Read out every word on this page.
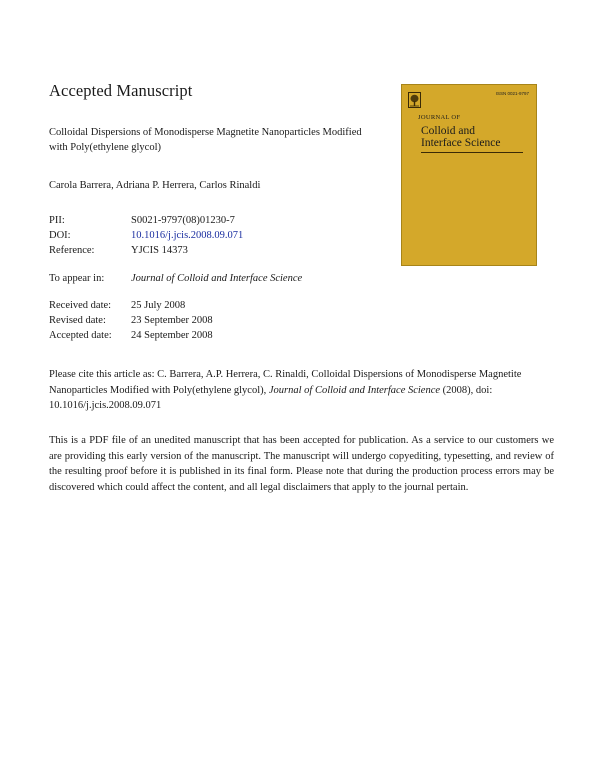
Accepted Manuscript
Colloidal Dispersions of Monodisperse Magnetite Nanoparticles Modified with Poly(ethylene glycol)
Carola Barrera, Adriana P. Herrera, Carlos Rinaldi
PII:	S0021-9797(08)01230-7
DOI:	10.1016/j.jcis.2008.09.071
Reference:	YJCIS 14373
To appear in:	Journal of Colloid and Interface Science
Received date:	25 July 2008
Revised date:	23 September 2008
Accepted date:	24 September 2008
Please cite this article as: C. Barrera, A.P. Herrera, C. Rinaldi, Colloidal Dispersions of Monodisperse Magnetite Nanoparticles Modified with Poly(ethylene glycol), Journal of Colloid and Interface Science (2008), doi: 10.1016/j.jcis.2008.09.071
This is a PDF file of an unedited manuscript that has been accepted for publication. As a service to our customers we are providing this early version of the manuscript. The manuscript will undergo copyediting, typesetting, and review of the resulting proof before it is published in its final form. Please note that during the production process errors may be discovered which could affect the content, and all legal disclaimers that apply to the journal pertain.
ISSN 0021-9797
JOURNAL OF
Colloid and
Interface Science
